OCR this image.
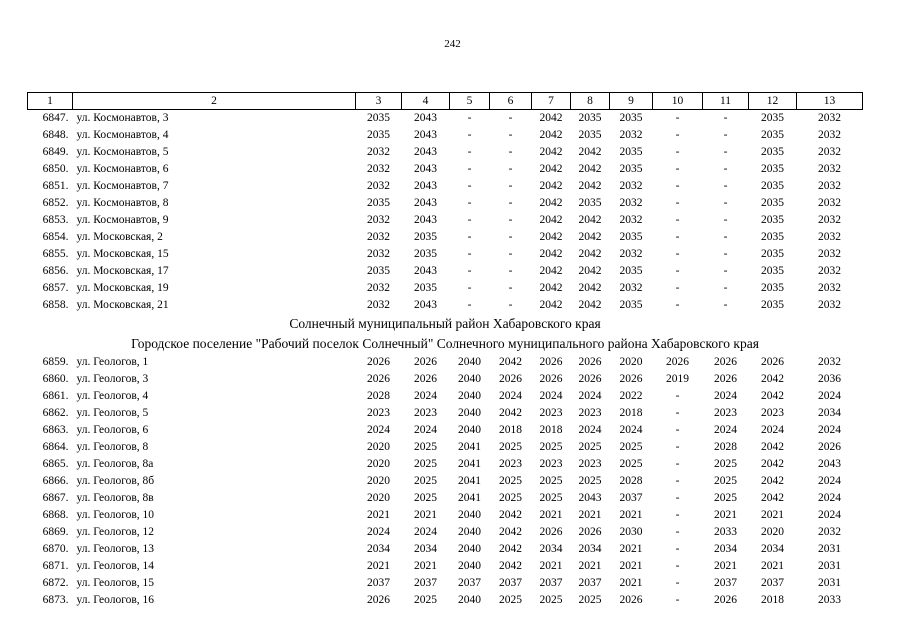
242
1	2	3	4	5	6	7	8	9	10	11	12	13
6847.	ул. Космонавтов, 3	2035	2043	-	-	2042	2035	2035	-	-	2035	2032
6848.	ул. Космонавтов, 4	2035	2043	-	-	2042	2035	2032	-	-	2035	2032
6849.	ул. Космонавтов, 5	2032	2043	-	-	2042	2042	2035	-	-	2035	2032
6850.	ул. Космонавтов, 6	2032	2043	-	-	2042	2042	2035	-	-	2035	2032
6851.	ул. Космонавтов, 7	2032	2043	-	-	2042	2042	2032	-	-	2035	2032
6852.	ул. Космонавтов, 8	2035	2043	-	-	2042	2035	2032	-	-	2035	2032
6853.	ул. Космонавтов, 9	2032	2043	-	-	2042	2042	2032	-	-	2035	2032
6854.	ул. Московская, 2	2032	2035	-	-	2042	2042	2035	-	-	2035	2032
6855.	ул. Московская, 15	2032	2035	-	-	2042	2042	2032	-	-	2035	2032
6856.	ул. Московская, 17	2035	2043	-	-	2042	2042	2035	-	-	2035	2032
6857.	ул. Московская, 19	2032	2035	-	-	2042	2042	2032	-	-	2035	2032
6858.	ул. Московская, 21	2032	2043	-	-	2042	2042	2035	-	-	2035	2032
Солнечный муниципальный район Хабаровского края												
Городское поселение "Рабочий поселок Солнечный" Солнечного муниципального района Хабаровского края												
6859.	ул. Геологов, 1	2026	2026	2040	2042	2026	2026	2020	2026	2026	2026	2032
6860.	ул. Геологов, 3	2026	2026	2040	2026	2026	2026	2026	2019	2026	2042	2036
6861.	ул. Геологов, 4	2028	2024	2040	2024	2024	2024	2022	-	2024	2042	2024
6862.	ул. Геологов, 5	2023	2023	2040	2042	2023	2023	2018	-	2023	2023	2034
6863.	ул. Геологов, 6	2024	2024	2040	2018	2018	2024	2024	-	2024	2024	2024
6864.	ул. Геологов, 8	2020	2025	2041	2025	2025	2025	2025	-	2028	2042	2026
6865.	ул. Геологов, 8а	2020	2025	2041	2023	2023	2023	2025	-	2025	2042	2043
6866.	ул. Геологов, 8б	2020	2025	2041	2025	2025	2025	2028	-	2025	2042	2024
6867.	ул. Геологов, 8в	2020	2025	2041	2025	2025	2043	2037	-	2025	2042	2024
6868.	ул. Геологов, 10	2021	2021	2040	2042	2021	2021	2021	-	2021	2021	2024
6869.	ул. Геологов, 12	2024	2024	2040	2042	2026	2026	2030	-	2033	2020	2032
6870.	ул. Геологов, 13	2034	2034	2040	2042	2034	2034	2021	-	2034	2034	2031
6871.	ул. Геологов, 14	2021	2021	2040	2042	2021	2021	2021	-	2021	2021	2031
6872.	ул. Геологов, 15	2037	2037	2037	2037	2037	2037	2021	-	2037	2037	2031
6873.	ул. Геологов, 16	2026	2025	2040	2025	2025	2025	2026	-	2026	2018	2033
